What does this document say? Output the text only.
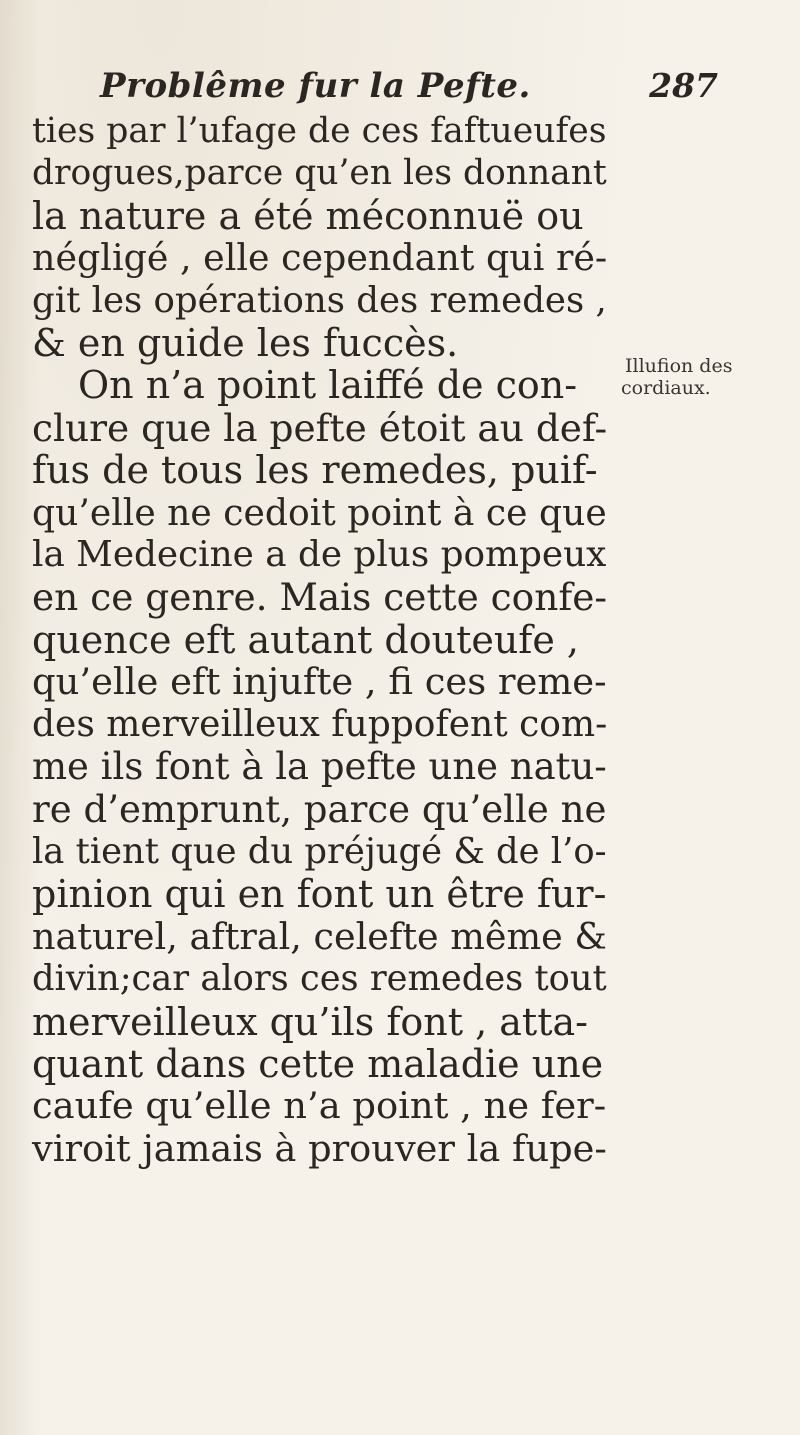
Problême fur la Pefte.	287
ties par l’ufage de ces faftueufes
drogues,parce qu’en les donnant
la nature a été méconnuë ou
négligé , elle cependant qui ré-
git les opérations des remedes ,
& en guide les fuccès.
On n’a point laiffé de con-
clure que la pefte étoit au def-
fus de tous les remedes, puif-
qu’elle ne cedoit point à ce que
la Medecine a de plus pompeux
en ce genre. Mais cette confe-
quence eft autant douteufe ,
qu’elle eft injufte , fi ces reme-
des merveilleux fuppofent com-
me ils font à la pefte une natu-
re d’emprunt, parce qu’elle ne
la tient que du préjugé & de l’o-
pinion qui en font un être fur-
naturel, aftral, celefte même &
divin;car alors ces remedes tout
merveilleux qu’ils font , atta-
quant dans cette maladie une
caufe qu’elle n’a point , ne fer-
viroit jamais à prouver la fupe-
Illufion des
cordiaux.
